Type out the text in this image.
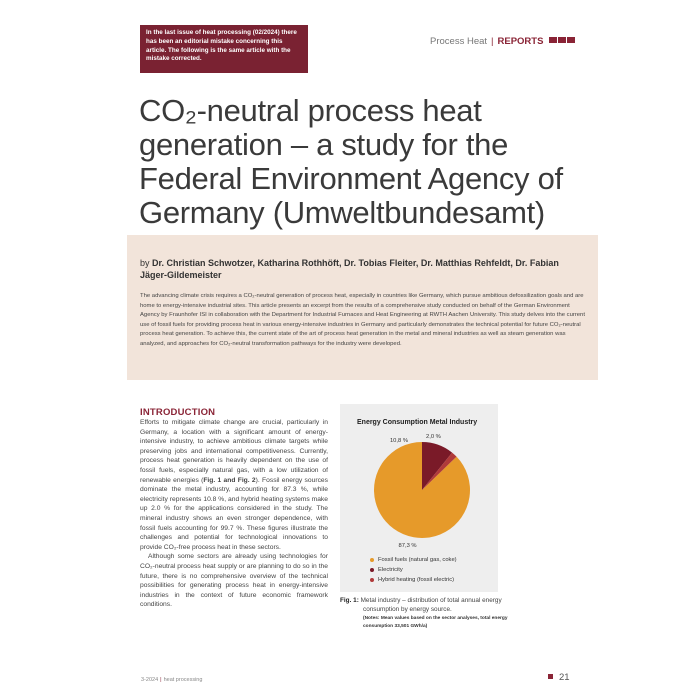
In the last issue of heat processing (02/2024) there has been an editorial mistake concerning this article. The following is the same article with the mistake corrected.
Process Heat | REPORTS
CO₂-neutral process heat generation – a study for the Federal Environment Agency of Germany (Umweltbundesamt)
by Dr. Christian Schwotzer, Katharina Rothhöft, Dr. Tobias Fleiter, Dr. Matthias Rehfeldt, Dr. Fabian Jäger-Gildemeister

The advancing climate crisis requires a CO₂-neutral generation of process heat, especially in countries like Germany, which pursue ambitious defossilization goals and are home to energy-intensive industrial sites. This article presents an excerpt from the results of a comprehensive study conducted on behalf of the German Environment Agency by Fraunhofer ISI in collaboration with the Department for Industrial Furnaces and Heat Engineering at RWTH Aachen University. This study delves into the current use of fossil fuels for providing process heat in various energy-intensive industries in Germany and particularly demonstrates the technical potential for future CO₂-neutral process heat generation. To achieve this, the current state of the art of process heat generation in the metal and mineral industries as well as steam generation was analyzed, and approaches for CO₂-neutral transformation pathways for the industry were developed.

INTRODUCTION

Efforts to mitigate climate change are crucial, particularly in Germany, a location with a significant amount of energy-intensive industry, to achieve ambitious climate targets while preserving jobs and international competitiveness. Currently, process heat generation is heavily dependent on the use of fossil fuels, especially natural gas, with a low utilization of renewable energies (Fig. 1 and Fig. 2). Fossil energy sources dominate the metal industry, accounting for 87.3 %, while electricity represents 10.8 %, and hybrid heating systems make up 2.0 % for the applications considered in the study. The mineral industry shows an even stronger dependence, with fossil fuels accounting for 99.7 %. These figures illustrate the challenges and potential for technological innovations to provide CO₂-free process heat in these sectors.

Although some sectors are already using technologies for CO₂-neutral process heat supply or are planning to do so in the future, there is no comprehensive overview of the technical possibilities for generating process heat in energy-intensive industries in the context of future economic framework conditions.

Energy Consumption Metal Industry
87,3 %
10,8 %
2,0 %
Fossil fuels (natural gas, coke)
Electricity
Hybrid heating (fossil electric)
Fig. 1: Metal industry – distribution of total annual energy
consumption by energy source.
(Notes: Mean values based on the sector analyses, total energy
consumption 33,501 GWh/a)
3-2024 | heat processing	21
